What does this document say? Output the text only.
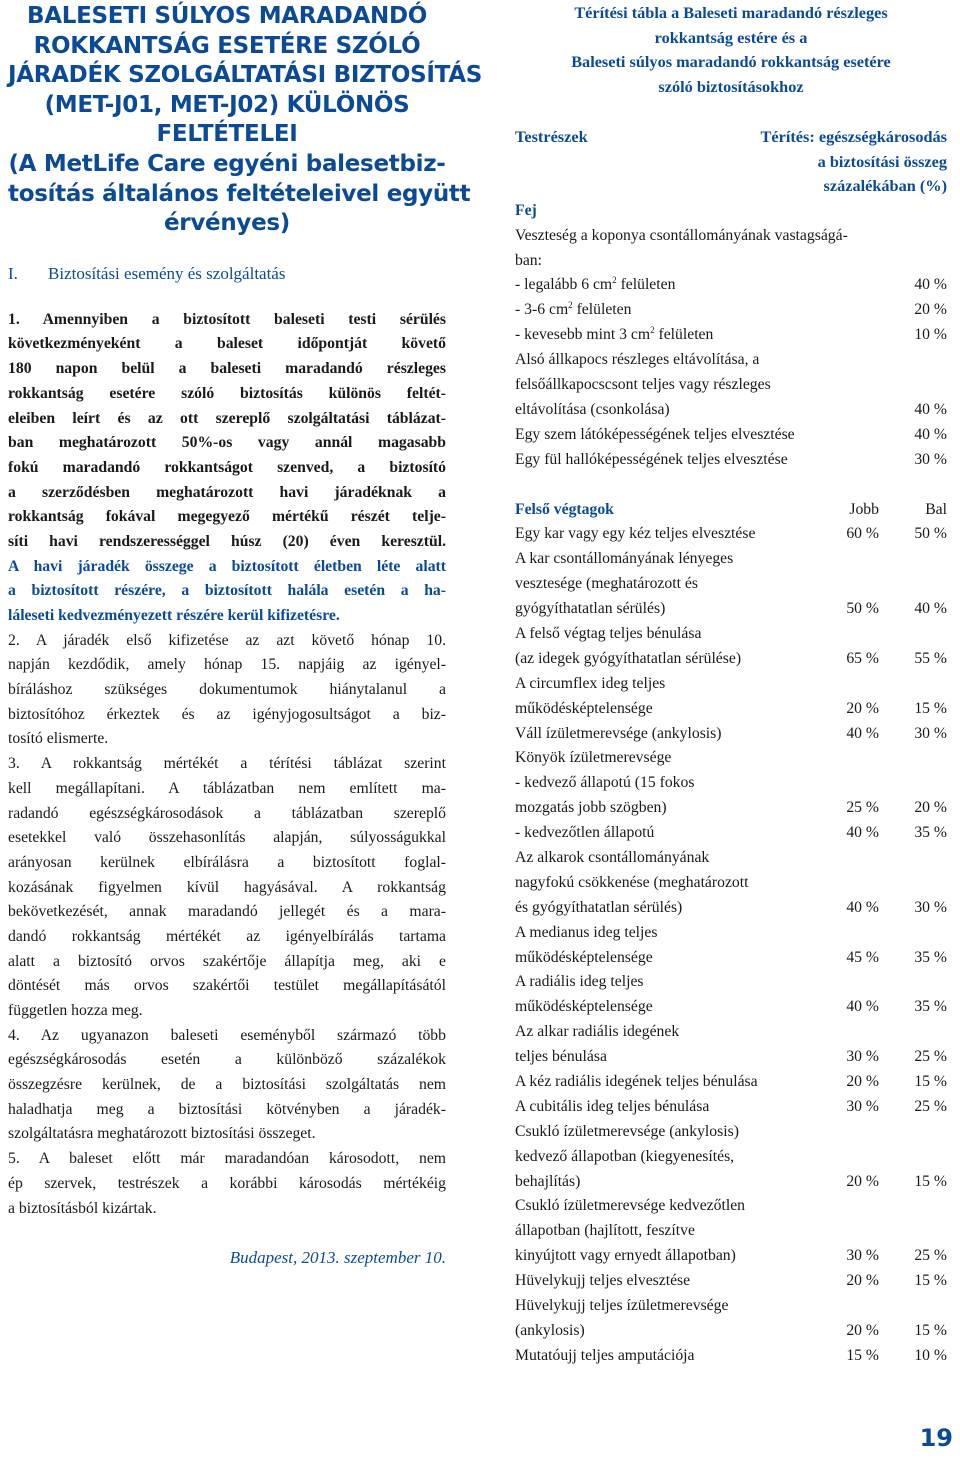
BALESETI SÚLYOS MARADANDÓ
ROKKANTSÁG ESETÉRE SZÓLÓ
JÁRADÉK SZOLGÁLTATÁSI BIZTOSÍTÁS
(MET-J01, MET-J02) KÜLÖNÖS
FELTÉTELEI
(A MetLife Care egyéni balesetbiz-
tosítás általános feltételeivel együtt
érvényes)
I. Biztosítási esemény és szolgáltatás
1. Amennyiben a biztosított baleseti testi sérülés
következményeként a baleset időpontját követő
180 napon belül a baleseti maradandó részleges
rokkantság esetére szóló biztosítás különös feltét-
eleiben leírt és az ott szereplő szolgáltatási táblázat-
ban meghatározott 50%-os vagy annál magasabb
fokú maradandó rokkantságot szenved, a biztosító
a szerződésben meghatározott havi járadéknak a
rokkantság fokával megegyező mértékű részét telje-
síti havi rendszerességgel húsz (20) éven keresztül.
A havi járadék összege a biztosított életben léte alatt
a biztosított részére, a biztosított halála esetén a ha-
láleseti kedvezményezett részére kerül kifizetésre.
2. A járadék első kifizetése az azt követő hónap 10.
napján kezdődik, amely hónap 15. napjáig az igényel-
bíráláshoz szükséges dokumentumok hiánytalanul a
biztosítóhoz érkeztek és az igényjogosultságot a biz-
tosító elismerte.
3. A rokkantság mértékét a térítési táblázat szerint
kell megállapítani. A táblázatban nem említett ma-
radandó egészségkárosodások a táblázatban szereplő
esetekkel való összehasonlítás alapján, súlyosságukkal
arányosan kerülnek elbírálásra a biztosított foglal-
kozásának figyelmen kívül hagyásával. A rokkantság
bekövetkezését, annak maradandó jellegét és a mara-
dandó rokkantság mértékét az igényelbírálás tartama
alatt a biztosító orvos szakértője állapítja meg, aki e
döntését más orvos szakértői testület megállapításától
független hozza meg.
4. Az ugyanazon baleseti eseményből származó több
egészségkárosodás esetén a különböző százalékok
összegzésre kerülnek, de a biztosítási szolgáltatás nem
haladhatja meg a biztosítási kötvényben a járadék-
szolgáltatásra meghatározott biztosítási összeget.
5. A baleset előtt már maradandóan károsodott, nem
ép szervek, testrészek a korábbi károsodás mértékéig
a biztosításból kizártak.
Budapest, 2013. szeptember 10.
Térítési tábla a Baleseti maradandó részleges
rokkantság estére és a
Baleseti súlyos maradandó rokkantság esetére
szóló biztosításokhoz
Testrészek	Térítés: egészségkárosodás
a biztosítási összeg
százalékában (%)
Fej
Veszteség a koponya csontállományának vastagságá-
ban:
- legalább 6 $cm^2$ felületen	40 %
- 3-6 $cm^2$ felületen	20 %
- kevesebb mint 3 $cm^2$ felületen	10 %
Alsó állkapocs részleges eltávolítása, a
felsőállkapocscsont teljes vagy részleges
eltávolítása (csonkolása)	40 %
Egy szem látóképességének teljes elvesztése	40 %
Egy fül hallóképességének teljes elvesztése	30 %
Felső végtagok	Jobb	Bal
Egy kar vagy egy kéz teljes elvesztése	60 % 50 %
A kar csontállományának lényeges
vesztesége (meghatározott és
gyógyíthatatlan sérülés)	50 % 40 %
A felső végtag teljes bénulása
(az idegek gyógyíthatatlan sérülése)	65 % 55 %
A circumflex ideg teljes
működésképtelensége	20 % 15 %
Váll ízületmerevsége (ankylosis)	40 % 30 %
Könyök ízületmerevsége
- kedvező állapotú (15 fokos
mozgatás jobb szögben)	25 % 20 %
- kedvezőtlen állapotú	40 % 35 %
Az alkarok csontállományának
nagyfokú csökkenése (meghatározott
és gyógyíthatatlan sérülés)	40 % 30 %
A medianus ideg teljes
működésképtelensége	45 % 35 %
A radiális ideg teljes
működésképtelensége	40 % 35 %
Az alkar radiális idegének
teljes bénulása	30 % 25 %
A kéz radiális idegének teljes bénulása	20 % 15 %
A cubitális ideg teljes bénulása	30 % 25 %
Csukló ízületmerevsége (ankylosis)
kedvező állapotban (kiegyenesítés,
behajlítás)	20 % 15 %
Csukló ízületmerevsége kedvezőtlen
állapotban (hajlított, feszítve
kinyújtott vagy ernyedt állapotban)	30 % 25 %
Hüvelykujj teljes elvesztése	20 % 15 %
Hüvelykujj teljes ízületmerevsége
(ankylosis)	20 % 15 %
Mutatóujj teljes amputációja	15 % 10 %
19
